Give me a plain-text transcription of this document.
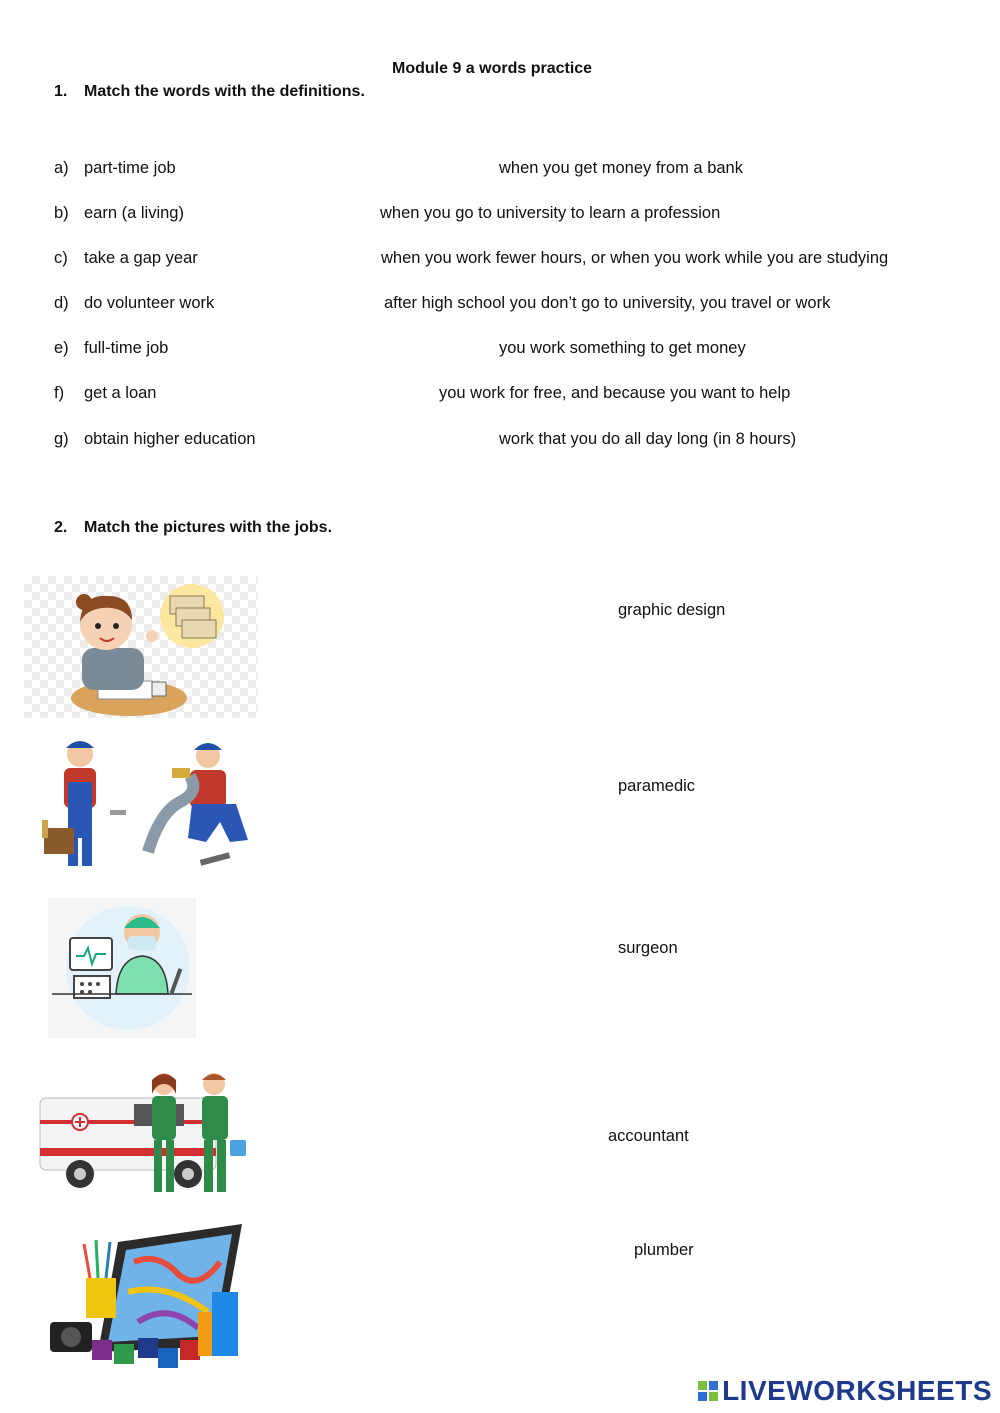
Module 9 a words practice
1. Match the words with the definitions.
a) part-time job	when you get money from a bank
b) earn (a living)	when you go to university to learn a profession
c) take a gap year	when you work fewer hours, or when you work while you are studying
d) do volunteer work	after high school you don’t go to university, you travel or work
e) full-time job	you work something to get money
f) get a loan	you work for free, and because you want to help
g) obtain higher education	work that you do all day long (in 8 hours)
2. Match the pictures with the jobs.
graphic design
paramedic
surgeon
accountant
plumber
LIVEWORKSHEETS
